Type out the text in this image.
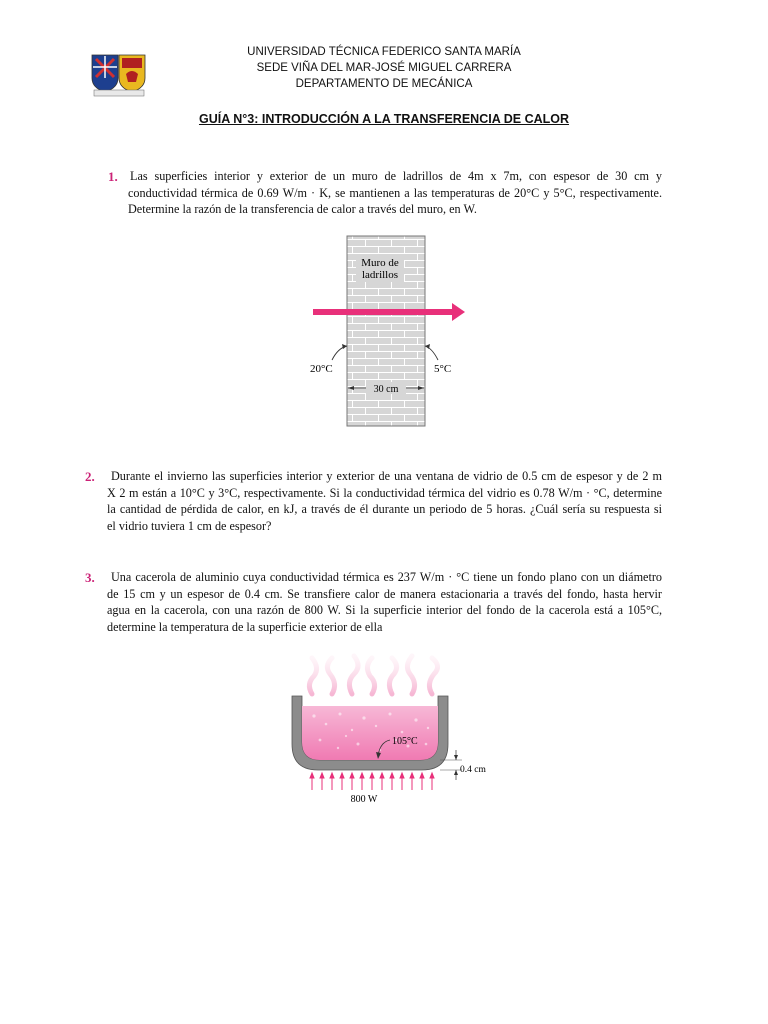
UNIVERSIDAD TÉCNICA FEDERICO SANTA MARÍA
SEDE VIÑA DEL MAR-JOSÉ MIGUEL CARRERA
DEPARTAMENTO DE MECÁNICA
GUÍA N°3: INTRODUCCIÓN A LA TRANSFERENCIA DE CALOR
1. Las superficies interior y exterior de un muro de ladrillos de 4m x 7m, con espesor de 30 cm y
conductividad térmica de 0.69 W/m · K, se mantienen a las temperaturas de 20°C y 5°C, respectivamente.
Determine la razón de la transferencia de calor a través del muro, en W.
Muro de
ladrillos
20°C	5°C
30 cm
2. Durante el invierno las superficies interior y exterior de una ventana de vidrio de 0.5 cm de espesor y de 2 m
X 2 m están a 10°C y 3°C, respectivamente. Si la conductividad térmica del vidrio es 0.78 W/m · °C, determine
la cantidad de pérdida de calor, en kJ, a través de él durante un periodo de 5 horas. ¿Cuál sería su respuesta si
el vidrio tuviera 1 cm de espesor?
3. Una cacerola de aluminio cuya conductividad térmica es 237 W/m · °C tiene un fondo plano con un diámetro
de 15 cm y un espesor de 0.4 cm. Se transfiere calor de manera estacionaria a través del fondo, hasta hervir
agua en la cacerola, con una razón de 800 W. Si la superficie interior del fondo de la cacerola está a 105°C,
determine la temperatura de la superficie exterior de ella
105°C
0.4 cm
800 W
